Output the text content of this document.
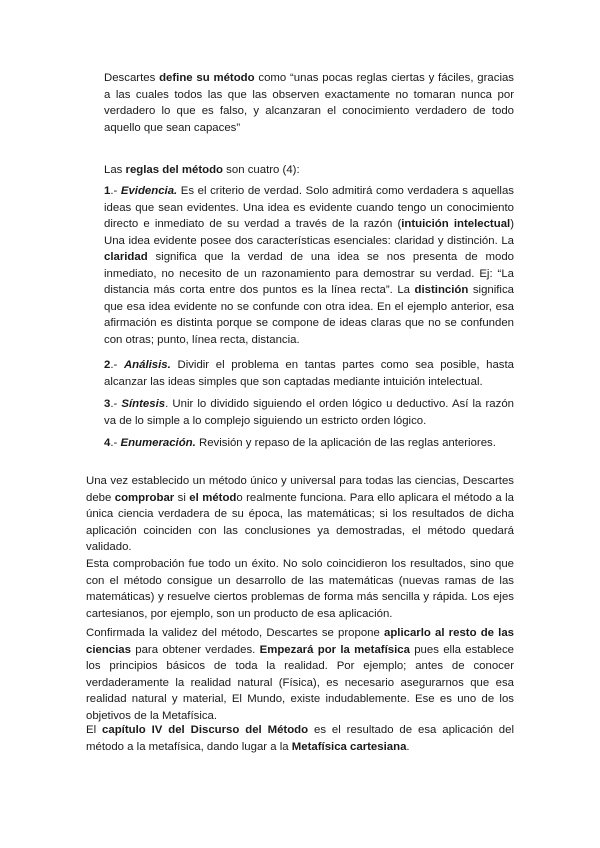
Descartes define su método como “unas pocas reglas ciertas y fáciles, gracias a las cuales todos las que las observen exactamente no tomaran nunca por verdadero lo que es falso, y alcanzaran el conocimiento verdadero de todo aquello que sean capaces”

Las reglas del método son cuatro (4):

1.- Evidencia. Es el criterio de verdad. Solo admitirá como verdadera s aquellas ideas que sean evidentes. Una idea es evidente cuando tengo un conocimiento directo e inmediato de su verdad a través de la razón (intuición intelectual) Una idea evidente posee dos características esenciales: claridad y distinción. La claridad significa que la verdad de una idea se nos presenta de modo inmediato, no necesito de un razonamiento para demostrar su verdad. Ej: “La distancia más corta entre dos puntos es la línea recta”. La distinción significa que esa idea evidente no se confunde con otra idea. En el ejemplo anterior, esa afirmación es distinta porque se compone de ideas claras que no se confunden con otras; punto, línea recta, distancia.

2.- Análisis. Dividir el problema en tantas partes como sea posible, hasta alcanzar las ideas simples que son captadas mediante intuición intelectual.

3.- Síntesis. Unir lo dividido siguiendo el orden lógico u deductivo. Así la razón va de lo simple a lo complejo siguiendo un estricto orden lógico.

4.- Enumeración. Revisión y repaso de la aplicación de las reglas anteriores.

Una vez establecido un método único y universal para todas las ciencias, Descartes debe comprobar si el método realmente funciona. Para ello aplicara el método a la única ciencia verdadera de su época, las matemáticas; si los resultados de dicha aplicación coinciden con las conclusiones ya demostradas, el método quedará validado.

Esta comprobación fue todo un éxito. No solo coincidieron los resultados, sino que con el método consigue un desarrollo de las matemáticas (nuevas ramas de las matemáticas) y resuelve ciertos problemas de forma más sencilla y rápida. Los ejes cartesianos, por ejemplo, son un producto de esa aplicación.

Confirmada la validez del método, Descartes se propone aplicarlo al resto de las ciencias para obtener verdades. Empezará por la metafísica pues ella establece los principios básicos de toda la realidad. Por ejemplo; antes de conocer verdaderamente la realidad natural (Física), es necesario asegurarnos que esa realidad natural y material, El Mundo, existe indudablemente. Ese es uno de los objetivos de la Metafísica.

El capítulo IV del Discurso del Método es el resultado de esa aplicación del método a la metafísica, dando lugar a la Metafísica cartesiana.
